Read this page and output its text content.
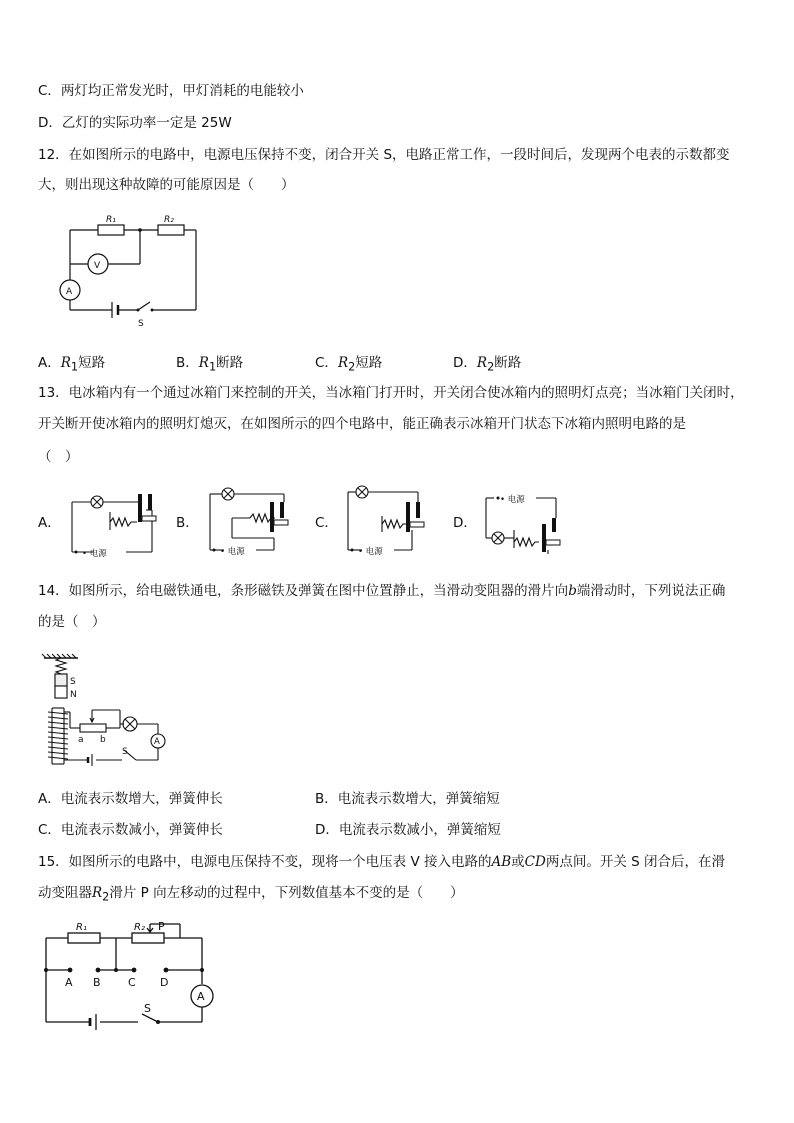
C．两灯均正常发光时，甲灯消耗的电能较小
D．乙灯的实际功率一定是 25W
12．在如图所示的电路中，电源电压保持不变，闭合开关 S，电路正常工作，一段时间后，发现两个电表的示数都变
大，则出现这种故障的可能原因是（　　）
R₁	R₂
V
A
S
A．$R_1$短路	B．$R_1$断路	C．$R_2$短路	D．$R_2$断路
13．电冰箱内有一个通过冰箱门来控制的开关，当冰箱门打开时，开关闭合使冰箱内的照明灯点亮；当冰箱门关闭时，
开关断开使冰箱内的照明灯熄灭，在如图所示的四个电路中，能正确表示冰箱开门状态下冰箱内照明电路的是
（　）
A．	B．	C．	D．
• 电源	• 电源	• 电源
• 电源
14．如图所示，给电磁铁通电，条形磁铁及弹簧在图中位置静止，当滑动变阻器的滑片向b端滑动时，下列说法正确
的是（　）
S
N
a b
S
A
A．电流表示数增大，弹簧伸长	B．电流表示数增大，弹簧缩短
C．电流表示数减小，弹簧伸长	D．电流表示数减小，弹簧缩短
15．如图所示的电路中，电源电压保持不变，现将一个电压表 V 接入电路的AB或CD两点间。开关 S 闭合后，在滑
动变阻器$R_2$滑片 P 向左移动的过程中，下列数值基本不变的是（　　）
R₁	R₂ P
A B C D
A
S
